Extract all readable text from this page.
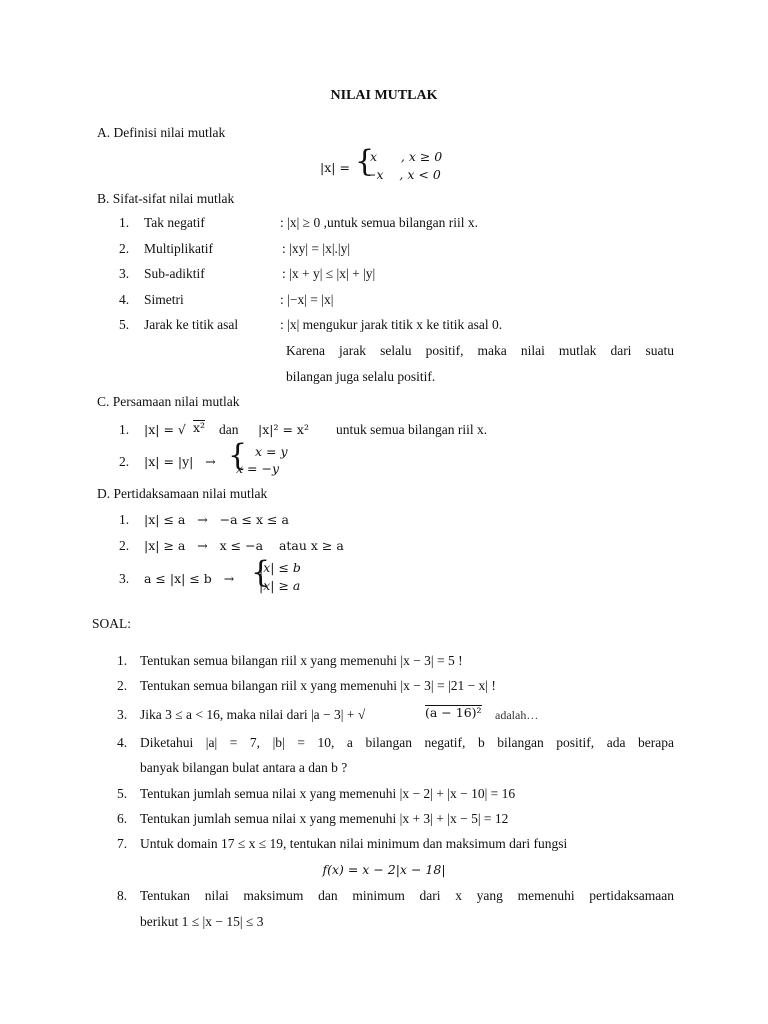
NILAI MUTLAK
A. Definisi nilai mutlak
|x| = {
x      , x ≥ 0
−x    , x < 0
B. Sifat-sifat nilai mutlak
1. Tak negatif	: |x| ≥ 0 ,untuk semua bilangan riil x.
2. Multiplikatif	: |xy| = |x|.|y|
3. Sub-adiktif	: |x + y| ≤ |x| + |y|
4. Simetri	: |−x| = |x|
5. Jarak ke titik asal	: |x| mengukur jarak titik x ke titik asal 0.
Karena jarak selalu positif, maka nilai mutlak dari suatu
bilangan juga selalu positif.
C. Persamaan nilai mutlak
1. |x| = √ x² dan |x|² = x² untuk semua bilangan riil x.
2. |x| = |y|   → { x = y
x = −y
D. Pertidaksamaan nilai mutlak
1. |x| ≤ a   →   −a ≤ x ≤ a
2. |x| ≥ a   →   x ≤ −a    atau x ≥ a
3. a ≤ |x| ≤ b   → {
|x| ≤ b
|x| ≥ a
SOAL:
1. Tentukan semua bilangan riil x yang memenuhi |x − 3| = 5 !
2. Tentukan semua bilangan riil x yang memenuhi |x − 3| = |21 − x| !
3. Jika 3 ≤ a < 16, maka nilai dari |a − 3| + √	(a − 16)² adalah…
4. Diketahui |a| = 7, |b| = 10, a bilangan negatif, b bilangan positif, ada berapa
banyak bilangan bulat antara a dan b ?
5. Tentukan jumlah semua nilai x yang memenuhi |x − 2| + |x − 10| = 16
6. Tentukan jumlah semua nilai x yang memenuhi |x + 3| + |x − 5| = 12
7. Untuk domain 17 ≤ x ≤ 19, tentukan nilai minimum dan maksimum dari fungsi
f(x) = x − 2|x − 18|
8. Tentukan nilai maksimum dan minimum dari x yang memenuhi pertidaksamaan
berikut 1 ≤ |x − 15| ≤ 3
